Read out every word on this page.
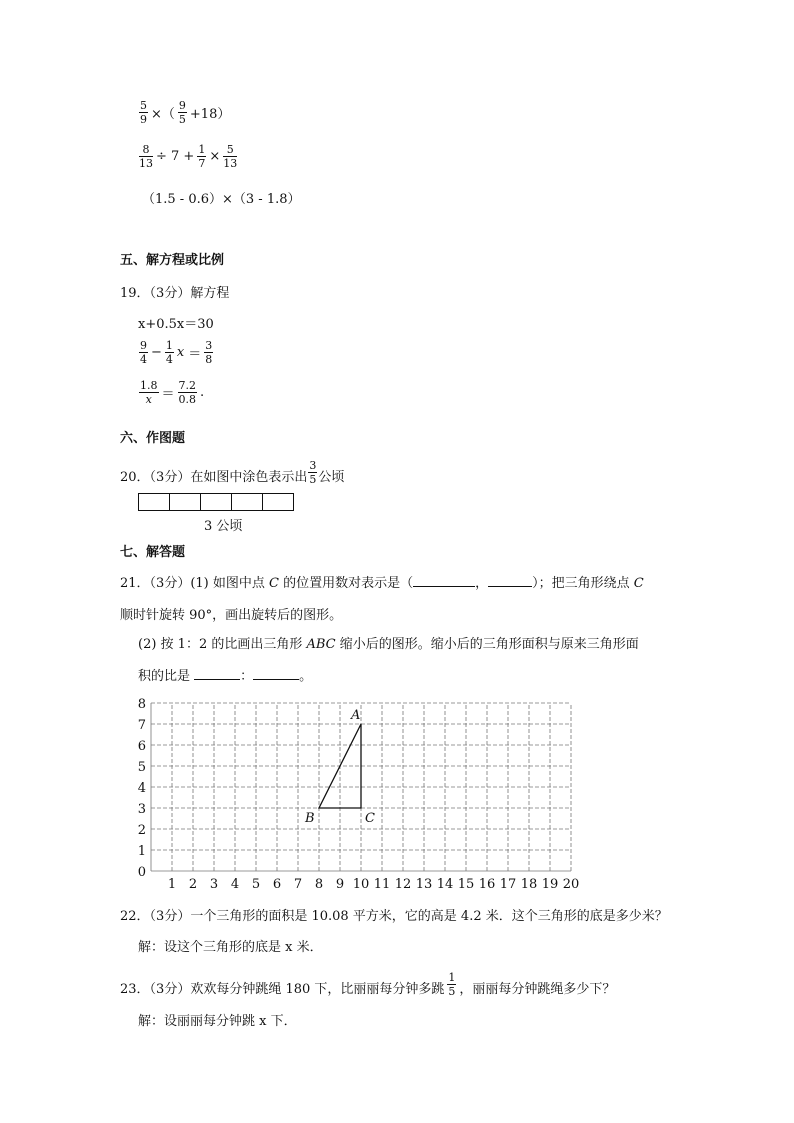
$\frac{5}{9}$ ×（ $\frac{9}{5} +18$）
$\frac{8}{13} \div 7 + \frac{1}{7} \times \frac{5}{13}$
（1.5 - 0.6）×（3 - 1.8）
五、解方程或比例
19．（3分）解方程
x+0.5x＝30
$\frac{9}{4} - \frac{1}{4}$ $x = \frac{3}{8}$
$\frac{1.8}{x} = \frac{7.2}{0.8}$ .
六、作图题
20．（3分）在如图中涂色表示出 $\frac{3}{5}$ 公顷
3 公顷
七、解答题
21．（3分）(1) 如图中点 C 的位置用数对表示是（	，	）；把三角形绕点 C
顺时针旋转 90°，画出旋转后的图形。
(2) 按 1：2 的比画出三角形 ABC 缩小后的图形。缩小后的三角形面积与原来三角形面
积的比是	：	。
1 2 3 4 5 6 7 8 9 10 11 12 13 14 15 16 17 18 19 20
0
1
2
3
4
5
6
7
8
A
B	C
22．（3分）一个三角形的面积是 10.08 平方米，它的高是 4.2 米．这个三角形的底是多少米？
解：设这个三角形的底是 x 米．
23．（3分）欢欢每分钟跳绳 180 下，比丽丽每分钟多跳 $\frac{1}{5}$ ，丽丽每分钟跳绳多少下？
解：设丽丽每分钟跳 x 下．
